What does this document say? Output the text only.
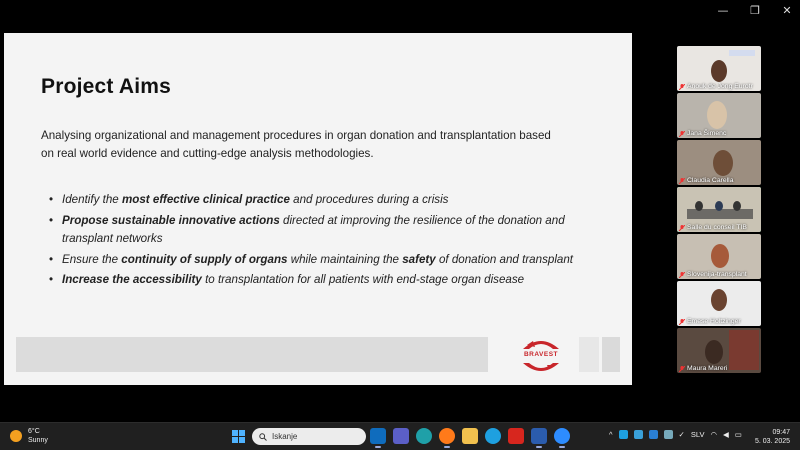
— ❐ ✕
Project Aims
Analysing organizational and management procedures in organ donation and transplantation based
on real world evidence and cutting-edge analysis methodologies.
• Identify the most effective clinical practice and procedures during a crisis
• Propose sustainable innovative actions directed at improving the resilience of the donation and transplant networks
• Ensure the continuity of supply of organs while maintaining the safety of donation and transplant
• Increase the accessibility to transplantation for all patients with end-stage organ disease
BRAVEST
Anouk de Jong Eurotr
Jana Šimenc
Claudia Carella
Salle du conseil TIB
Slovenija-transplant
Emese Holtzinger
Maura Mareri
6°C
Sunny	Iskanje	^	✓ SLV ◠ ◀ ▭	09:47
5. 03. 2025
